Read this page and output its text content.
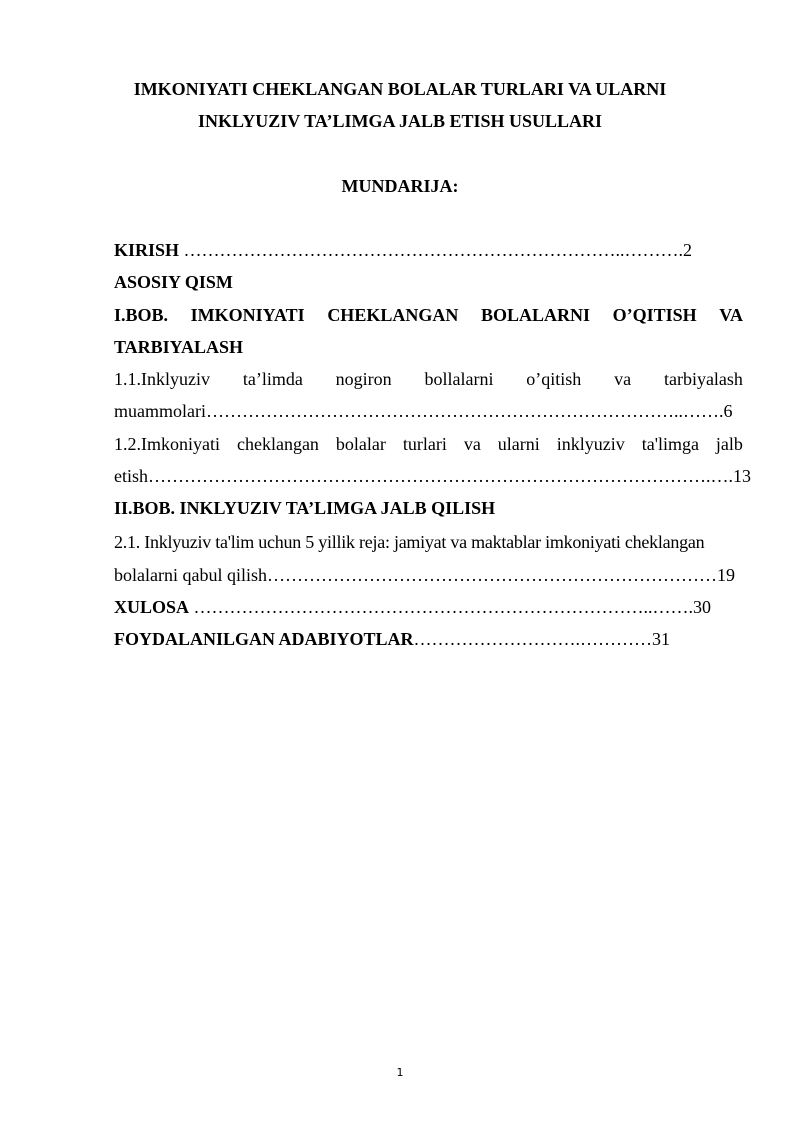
IMKONIYATI CHEKLANGAN BOLALAR TURLARI VA ULARNI
INKLYUZIV TA’LIMGA JALB ETISH USULLARI
MUNDARIJA:
KIRISH ………………………………………………………………..……….2
ASOSIY QISM
I.BOB. IMKONIYATI CHEKLANGAN BOLALARNI O’QITISH VA
TARBIYALASH
1.1.Inklyuziv ta’limda nogiron bollalarni o’qitish va tarbiyalash
muammolari……………………………………………………………………..…….6
1.2.Imkoniyati cheklangan bolalar turlari va ularni inklyuziv ta'limga jalb
etish………………………………………………………………………………….….13
II.BOB. INKLYUZIV TA’LIMGA JALB QILISH
2.1. Inklyuziv ta'lim uchun 5 yillik reja: jamiyat va maktablar imkoniyati cheklangan
bolalarni qabul qilish…………………………………………………………………19
XULOSA …………………………………………………………………..…….30
FOYDALANILGAN ADABIYOTLAR……………………….…………31
1
